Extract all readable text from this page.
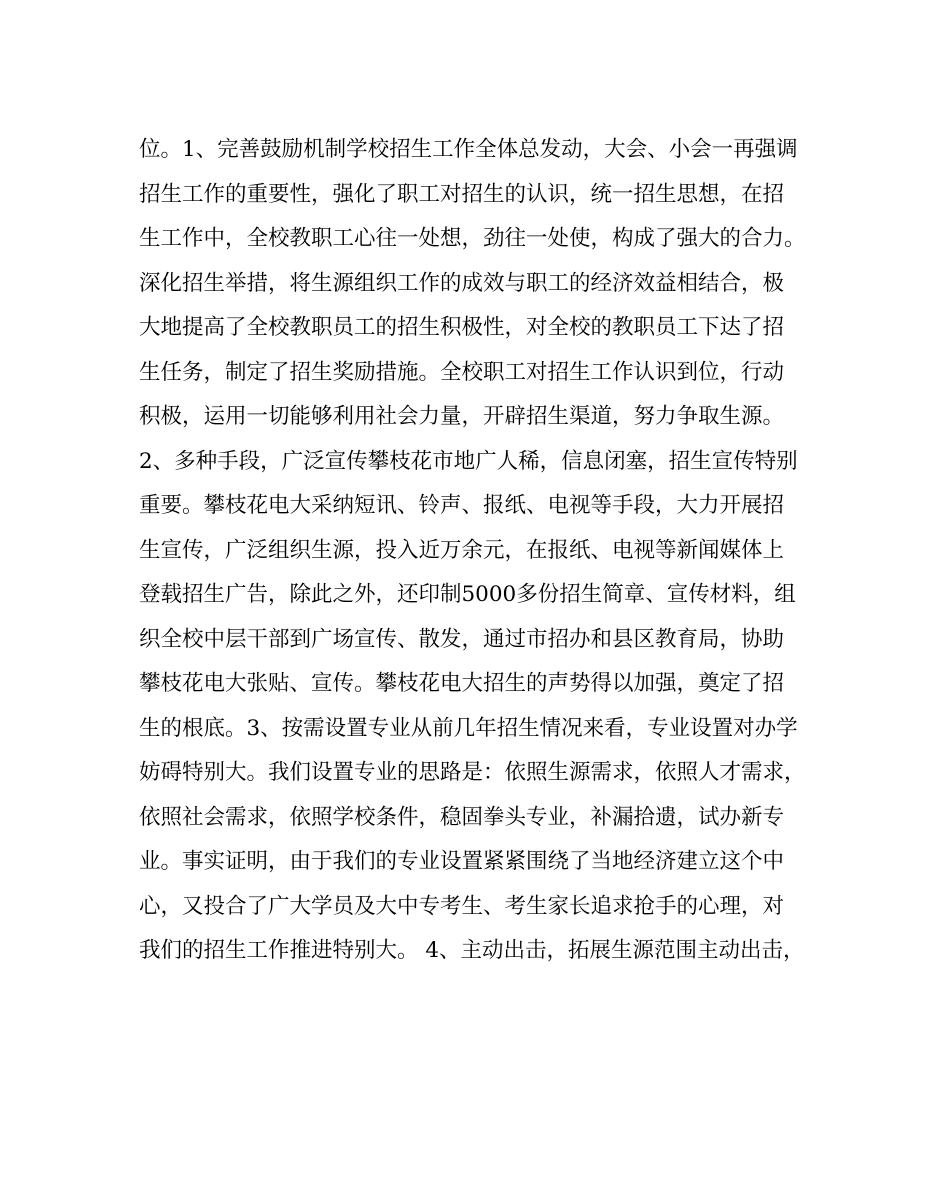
位。1、完善鼓励机制学校招生工作全体总发动，大会、小会一再强调
招生工作的重要性，强化了职工对招生的认识，统一招生思想，在招
生工作中，全校教职工心往一处想，劲往一处使，构成了强大的合力。
深化招生举措，将生源组织工作的成效与职工的经济效益相结合，极
大地提高了全校教职员工的招生积极性，对全校的教职员工下达了招
生任务，制定了招生奖励措施。全校职工对招生工作认识到位，行动
积极，运用一切能够利用社会力量，开辟招生渠道，努力争取生源。
2、多种手段，广泛宣传攀枝花市地广人稀，信息闭塞，招生宣传特别
重要。攀枝花电大采纳短讯、铃声、报纸、电视等手段，大力开展招
生宣传，广泛组织生源，投入近万余元，在报纸、电视等新闻媒体上
登载招生广告，除此之外，还印制5000多份招生简章、宣传材料，组
织全校中层干部到广场宣传、散发，通过市招办和县区教育局，协助
攀枝花电大张贴、宣传。攀枝花电大招生的声势得以加强，奠定了招
生的根底。3、按需设置专业从前几年招生情况来看，专业设置对办学
妨碍特别大。我们设置专业的思路是：依照生源需求，依照人才需求，
依照社会需求，依照学校条件，稳固拳头专业，补漏拾遗，试办新专
业。事实证明，由于我们的专业设置紧紧围绕了当地经济建立这个中
心，又投合了广大学员及大中专考生、考生家长追求抢手的心理，对
我们的招生工作推进特别大。 4、主动出击，拓展生源范围主动出击，
